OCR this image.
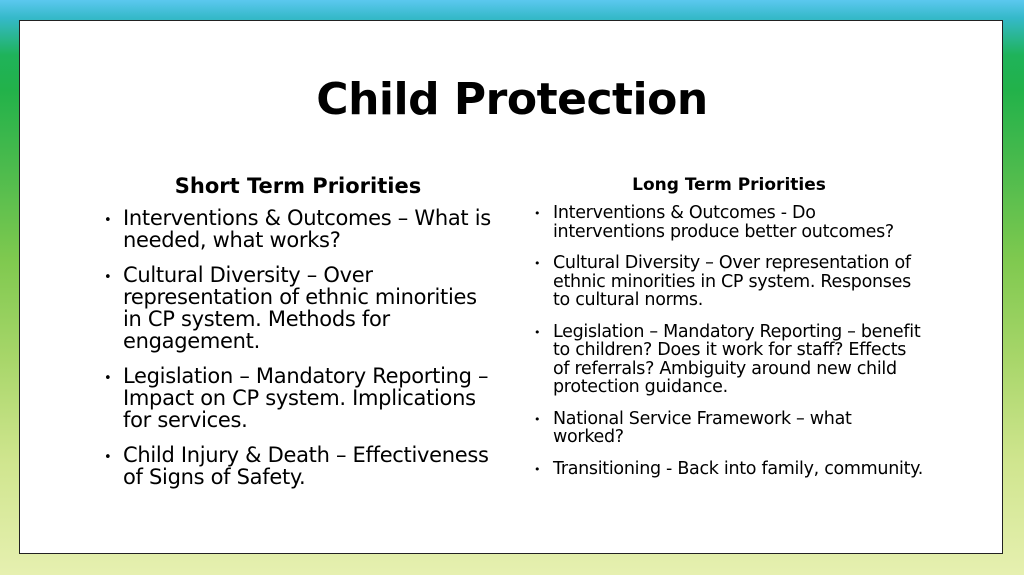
Child Protection
Short Term Priorities
• Interventions & Outcomes – What is needed, what works?
• Cultural Diversity – Over representation of ethnic minorities in CP system. Methods for engagement.
• Legislation – Mandatory Reporting – Impact on CP system. Implications for services.
• Child Injury & Death – Effectiveness of Signs of Safety.
Long Term Priorities
• Interventions & Outcomes - Do interventions produce better outcomes?
• Cultural Diversity – Over representation of ethnic minorities in CP system. Responses to cultural norms.
• Legislation – Mandatory Reporting – benefit to children? Does it work for staff? Effects of referrals? Ambiguity around new child protection guidance.
• National Service Framework – what worked?
• Transitioning - Back into family, community.
